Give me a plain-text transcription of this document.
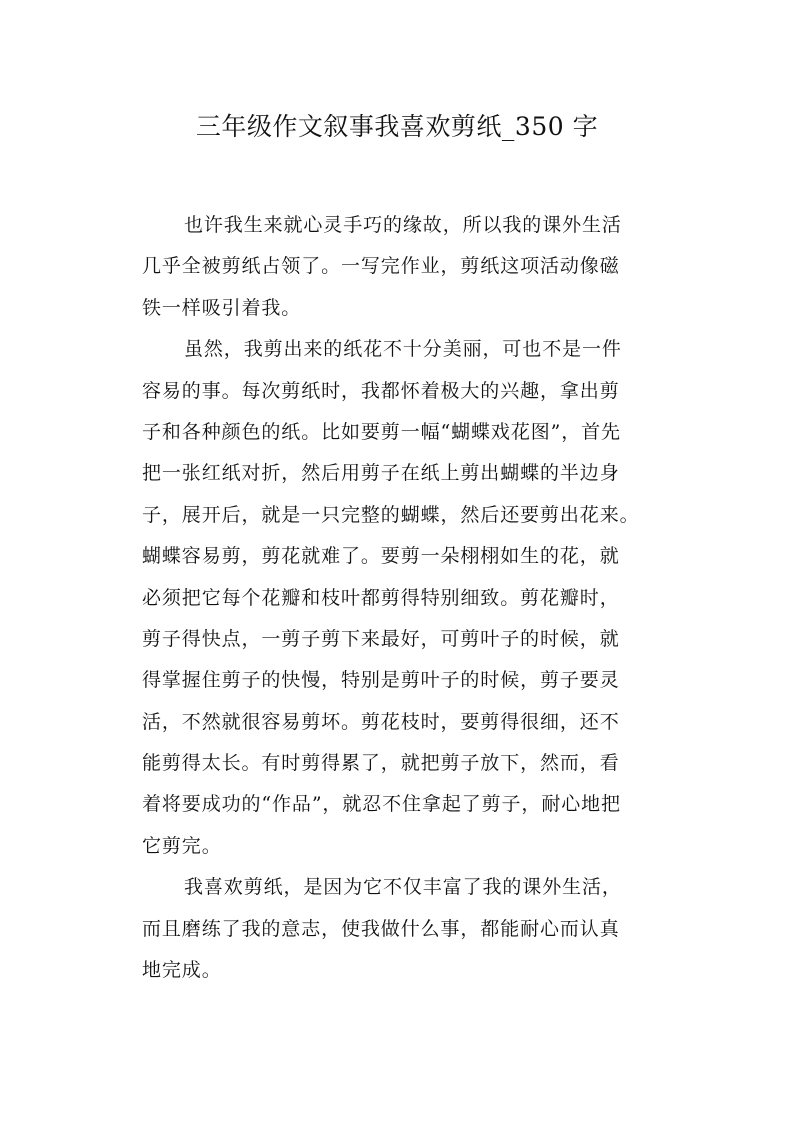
三年级作文叙事我喜欢剪纸_350 字

也许我生来就心灵手巧的缘故，所以我的课外生活

几乎全被剪纸占领了。一写完作业，剪纸这项活动像磁

铁一样吸引着我。

虽然，我剪出来的纸花不十分美丽，可也不是一件

容易的事。每次剪纸时，我都怀着极大的兴趣，拿出剪

子和各种颜色的纸。比如要剪一幅“蝴蝶戏花图”，首先

把一张红纸对折，然后用剪子在纸上剪出蝴蝶的半边身

子，展开后，就是一只完整的蝴蝶，然后还要剪出花来。

蝴蝶容易剪，剪花就难了。要剪一朵栩栩如生的花，就

必须把它每个花瓣和枝叶都剪得特别细致。剪花瓣时，

剪子得快点，一剪子剪下来最好，可剪叶子的时候，就

得掌握住剪子的快慢，特别是剪叶子的时候，剪子要灵

活，不然就很容易剪坏。剪花枝时，要剪得很细，还不

能剪得太长。有时剪得累了，就把剪子放下，然而，看

着将要成功的“作品”，就忍不住拿起了剪子，耐心地把

它剪完。

我喜欢剪纸，是因为它不仅丰富了我的课外生活，

而且磨练了我的意志，使我做什么事，都能耐心而认真

地完成。
